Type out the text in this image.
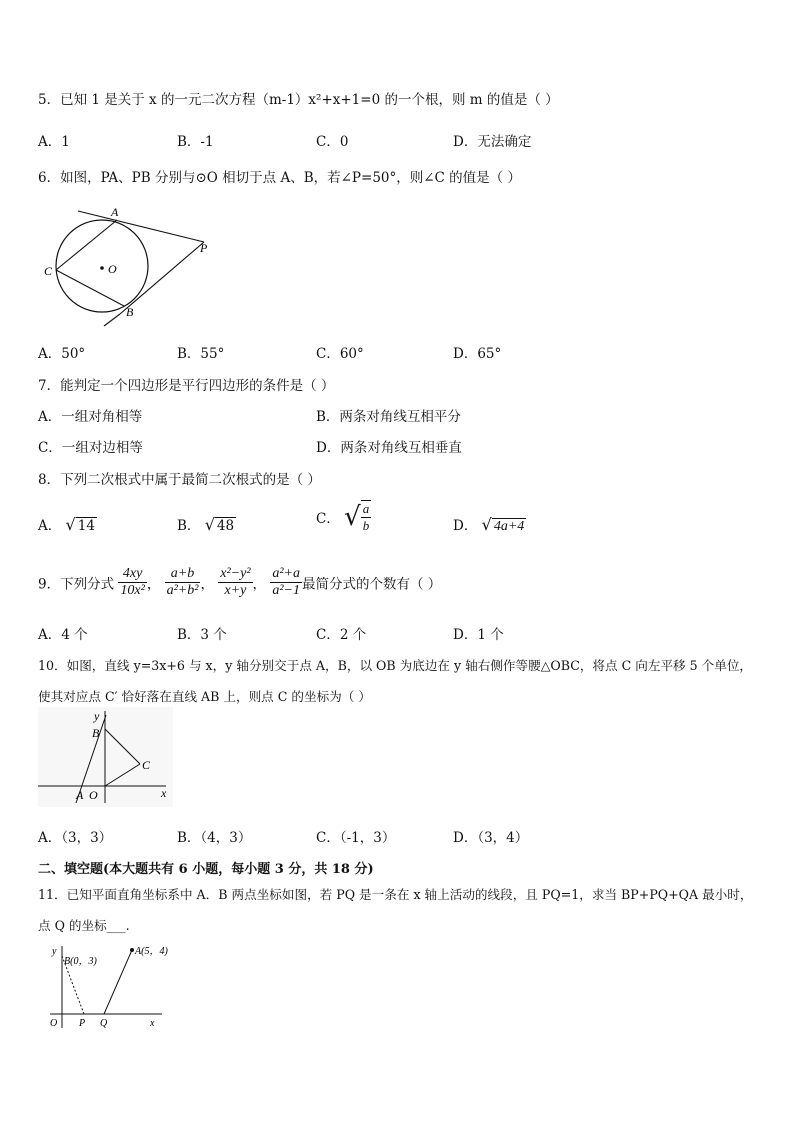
5．已知 1 是关于 x 的一元二次方程（m-1）x²+x+1=0 的一个根，则 m 的值是（ ）
A．1	B．-1	C．0	D．无法确定
6．如图，PA、PB 分别与⊙O 相切于点 A、B，若∠P=50°，则∠C 的值是（ ）
A
P
C	O
B
A．50°	B．55°	C．60°	D．65°
7．能判定一个四边形是平行四边形的条件是（ ）
A．一组对角相等	B．两条对角线互相平分
C．一组对边相等	D．两条对角线互相垂直
8．下列二次根式中属于最简二次根式的是（ ）
A． √ 14	B． √ 48	C． √ $\frac{a}{b}$	D． √ 4a+4
9．下列分式 $\frac{4xy}{\text{10x²}}$ ， $\frac{a+b}{\text{a²+b²}}$ ， $\frac{\text{x²−y²}}{x+y}$ ， $\frac{\text{a²+a}}{\text{a²−1}}$ 最简分式的个数有（ ）
A．4 个	B．3 个	C．2 个	D．1 个
10．如图，直线 y=3x+6 与 x，y 轴分别交于点 A，B，以 OB 为底边在 y 轴右侧作等腰△OBC，将点 C 向左平移 5 个单位，
使其对应点 C′ 恰好落在直线 AB 上，则点 C 的坐标为（ ）
y
B
C
A O	x
A．（3，3）	B．（4，3）	C．（-1，3）	D．（3，4）
二、填空题(本大题共有 6 小题，每小题 3 分，共 18 分)
11．已知平面直角坐标系中 A．B 两点坐标如图，若 PQ 是一条在 x 轴上活动的线段，且 PQ=1，求当 BP+PQ+QA 最小时，
点 Q 的坐标___.
y
B(0，3)
A(5，4)
O P Q	x
